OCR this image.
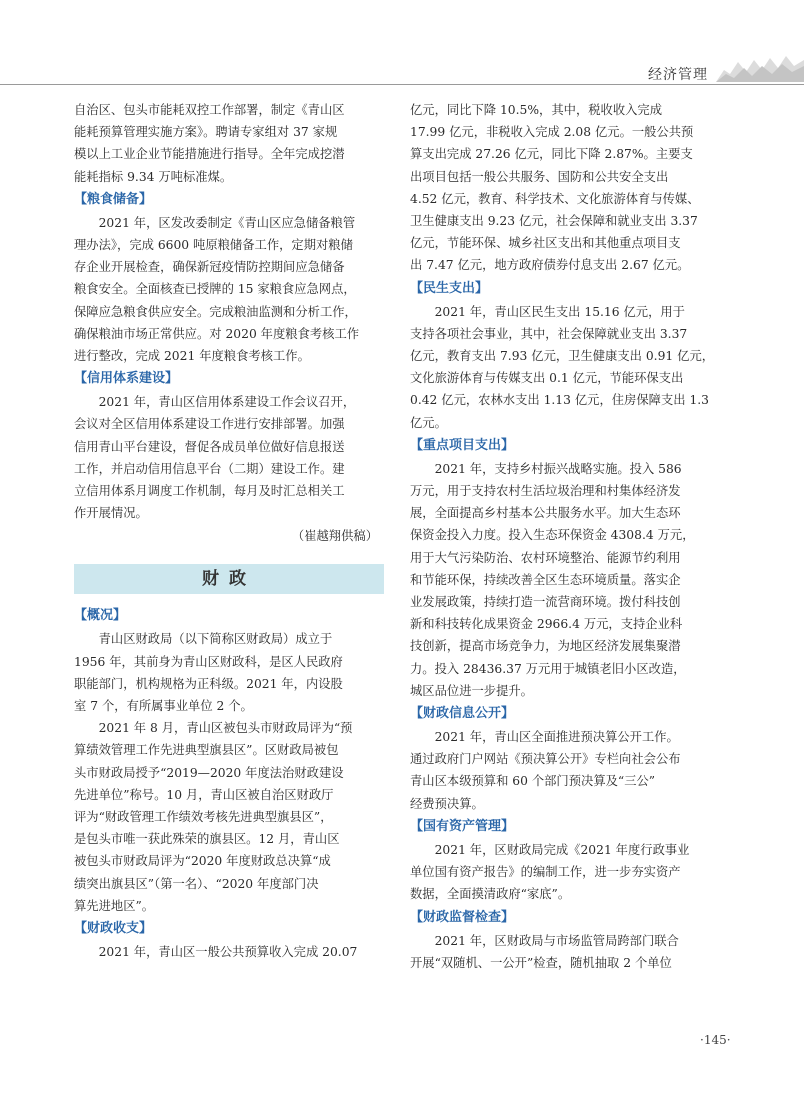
经济管理

自治区、包头市能耗双控工作部署，制定《青山区
能耗预算管理实施方案》。聘请专家组对 37 家规
模以上工业企业节能措施进行指导。全年完成挖潜
能耗指标 9.34 万吨标准煤。

【粮食储备】

　　2021 年，区发改委制定《青山区应急储备粮管
理办法》，完成 6600 吨原粮储备工作，定期对粮储
存企业开展检查，确保新冠疫情防控期间应急储备
粮食安全。全面核查已授牌的 15 家粮食应急网点，
保障应急粮食供应安全。完成粮油监测和分析工作，
确保粮油市场正常供应。对 2020 年度粮食考核工作
进行整改，完成 2021 年度粮食考核工作。

【信用体系建设】

　　2021 年，青山区信用体系建设工作会议召开，
会议对全区信用体系建设工作进行安排部署。加强
信用青山平台建设，督促各成员单位做好信息报送
工作，并启动信用信息平台（二期）建设工作。建
立信用体系月调度工作机制，每月及时汇总相关工
作开展情况。

（崔越翔供稿）
财政
【概况】

　　青山区财政局（以下简称区财政局）成立于
1956 年，其前身为青山区财政科，是区人民政府
职能部门，机构规格为正科级。2021 年，内设股
室 7 个，有所属事业单位 2 个。

　　2021 年 8 月，青山区被包头市财政局评为“预
算绩效管理工作先进典型旗县区”。区财政局被包
头市财政局授予“2019—2020 年度法治财政建设
先进单位”称号。10 月，青山区被自治区财政厅
评为“财政管理工作绩效考核先进典型旗县区”，
是包头市唯一获此殊荣的旗县区。12 月，青山区
被包头市财政局评为“2020 年度财政总决算“成
绩突出旗县区”（第一名）、“2020 年度部门决
算先进地区”。

【财政收支】

　　2021 年，青山区一般公共预算收入完成 20.07

亿元，同比下降 10.5%，其中，税收收入完成
17.99 亿元，非税收入完成 2.08 亿元。一般公共预
算支出完成 27.26 亿元，同比下降 2.87%。主要支
出项目包括一般公共服务、国防和公共安全支出
4.52 亿元，教育、科学技术、文化旅游体育与传媒、
卫生健康支出 9.23 亿元，社会保障和就业支出 3.37
亿元，节能环保、城乡社区支出和其他重点项目支
出 7.47 亿元，地方政府债券付息支出 2.67 亿元。

【民生支出】

　　2021 年，青山区民生支出 15.16 亿元，用于
支持各项社会事业，其中，社会保障就业支出 3.37
亿元，教育支出 7.93 亿元，卫生健康支出 0.91 亿元，
文化旅游体育与传媒支出 0.1 亿元，节能环保支出
0.42 亿元，农林水支出 1.13 亿元，住房保障支出 1.3
亿元。

【重点项目支出】

　　2021 年，支持乡村振兴战略实施。投入 586
万元，用于支持农村生活垃圾治理和村集体经济发
展，全面提高乡村基本公共服务水平。加大生态环
保资金投入力度。投入生态环保资金 4308.4 万元，
用于大气污染防治、农村环境整治、能源节约利用
和节能环保，持续改善全区生态环境质量。落实企
业发展政策，持续打造一流营商环境。拨付科技创
新和科技转化成果资金 2966.4 万元，支持企业科
技创新，提高市场竞争力，为地区经济发展集聚潜
力。投入 28436.37 万元用于城镇老旧小区改造，
城区品位进一步提升。

【财政信息公开】

　　2021 年，青山区全面推进预决算公开工作。
通过政府门户网站《预决算公开》专栏向社会公布
青山区本级预算和 60 个部门预决算及“三公”
经费预决算。

【国有资产管理】

　　2021 年，区财政局完成《2021 年度行政事业
单位国有资产报告》的编制工作，进一步夯实资产
数据，全面摸清政府“家底”。

【财政监督检查】

　　2021 年，区财政局与市场监管局跨部门联合
开展“双随机、一公开”检查，随机抽取 2 个单位

·145·
